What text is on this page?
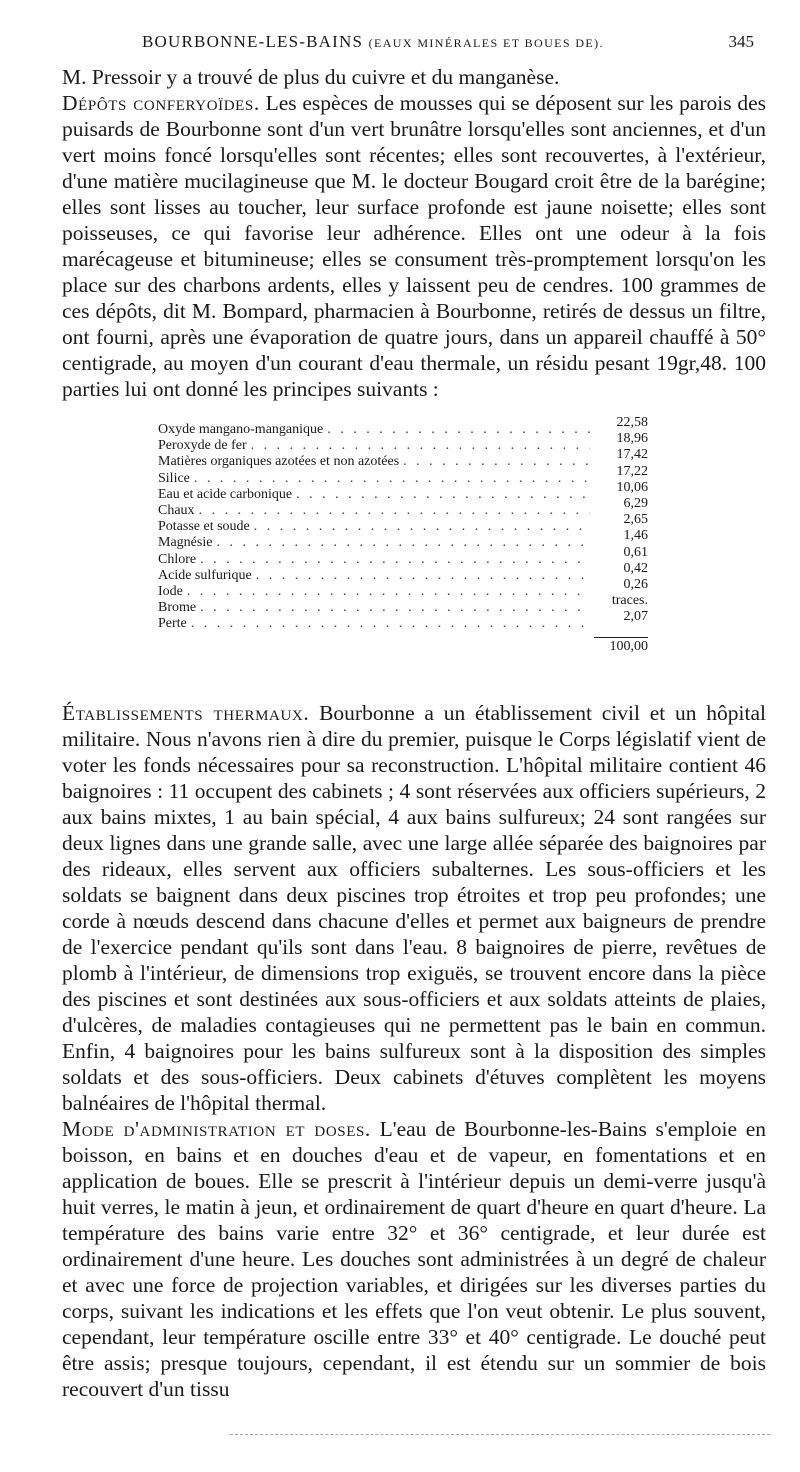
BOURBONNE-LES-BAINS (EAUX MINÉRALES ET BOUES DE).	345

M. Pressoir y a trouvé de plus du cuivre et du manganèse.

Dépôts conferyoïdes. Les espèces de mousses qui se déposent sur les parois des puisards de Bourbonne sont d'un vert brunâtre lorsqu'elles sont anciennes, et d'un vert moins foncé lorsqu'elles sont récentes; elles sont recouvertes, à l'extérieur, d'une matière mucilagineuse que M. le docteur Bougard croit être de la barégine; elles sont lisses au toucher, leur surface profonde est jaune noisette; elles sont poisseuses, ce qui favorise leur adhérence. Elles ont une odeur à la fois marécageuse et bitumineuse; elles se consument très-promptement lorsqu'on les place sur des charbons ardents, elles y laissent peu de cendres. 100 grammes de ces dépôts, dit M. Bompard, pharmacien à Bourbonne, retirés de dessus un filtre, ont fourni, après une évaporation de quatre jours, dans un appareil chauffé à 50° centigrade, au moyen d'un courant d'eau thermale, un résidu pesant 19gr,48. 100 parties lui ont donné les principes suivants :

Oxyde mangano-manganique . . .	22,58
Peroxyde de fer . . .	18,96
Matières organiques azotées et non azotées . . .	17,42
Silice . . .	17,22
Eau et acide carbonique . . .	10,06
Chaux . . .	6,29
Potasse et soude . . .	2,65
Magnésie . . .	1,46
Chlore . . .	0,61
Acide sulfurique . . .	0,42
Iode . . .	0,26
Brome . . .	traces.
Perte . . .	2,07
100,00

Établissements thermaux. Bourbonne a un établissement civil et un hôpital militaire. Nous n'avons rien à dire du premier, puisque le Corps législatif vient de voter les fonds nécessaires pour sa reconstruction. L'hôpital militaire contient 46 baignoires : 11 occupent des cabinets ; 4 sont réservées aux officiers supérieurs, 2 aux bains mixtes, 1 au bain spécial, 4 aux bains sulfureux; 24 sont rangées sur deux lignes dans une grande salle, avec une large allée séparée des baignoires par des rideaux, elles servent aux officiers subalternes. Les sous-officiers et les soldats se baignent dans deux piscines trop étroites et trop peu profondes; une corde à nœuds descend dans chacune d'elles et permet aux baigneurs de prendre de l'exercice pendant qu'ils sont dans l'eau. 8 baignoires de pierre, revêtues de plomb à l'intérieur, de dimensions trop exiguës, se trouvent encore dans la pièce des piscines et sont destinées aux sous-officiers et aux soldats atteints de plaies, d'ulcères, de maladies contagieuses qui ne permettent pas le bain en commun. Enfin, 4 baignoires pour les bains sulfureux sont à la disposition des simples soldats et des sous-officiers. Deux cabinets d'étuves complètent les moyens balnéaires de l'hôpital thermal.

Mode d'administration et doses. L'eau de Bourbonne-les-Bains s'emploie en boisson, en bains et en douches d'eau et de vapeur, en fomentations et en application de boues. Elle se prescrit à l'intérieur depuis un demi-verre jusqu'à huit verres, le matin à jeun, et ordinairement de quart d'heure en quart d'heure. La température des bains varie entre 32° et 36° centigrade, et leur durée est ordinairement d'une heure. Les douches sont administrées à un degré de chaleur et avec une force de projection variables, et dirigées sur les diverses parties du corps, suivant les indications et les effets que l'on veut obtenir. Le plus souvent, cependant, leur température oscille entre 33° et 40° centigrade. Le douché peut être assis; presque toujours, cependant, il est étendu sur un sommier de bois recouvert d'un tissu
